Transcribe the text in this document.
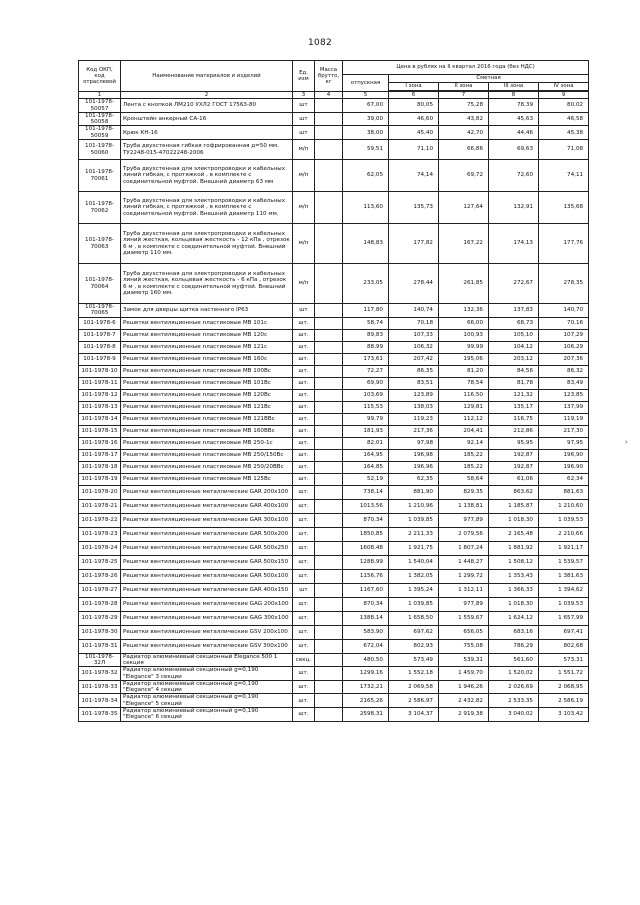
1082
Код ОКП, код отраслевой	Наименование материалов и изделий	Ед. изм	Масса брутто, кг	Цена в рублях на II квартал 2016 года (без НДС)				
				отпускная	Сметная			
					I зона	II зона	III зона	IV зона

1	2	3	4	5	6	7	8	9
101-1978-50057	Лента с кнопкой ЛМ210 УХЛ2 ГОСТ 17563-80	шт		67,00	80,05	75,28	78,39	80,02
101-1978-50058	Кронштейн анкерный СА-16	шт		39,00	46,60	43,82	45,63	46,58
101-1978-50059	Крюк КН-16	шт		38,00	45,40	42,70	44,46	45,38
101-1978-50060	Труба двухстенная гибкая гофрированная д=50 мм. ТУ2248-015-47022248-2006	м/п		59,51	71,10	66,86	69,63	71,08
101-1978-70061	Труба двухстенная для электропроводки и кабельных линий гибкая, с протяжкой , в комплекте с соединительной муфтой. Внешний диаметр 63 мм	м/п		62,05	74,14	69,72	72,60	74,11
101-1978-70062	Труба двухстенная для электропроводки и кабельных линий гибкая, с протяжкой , в комплекте с соединительной муфтой. Внешний диаметр 110 мм.	м/п		113,60	135,73	127,64	132,91	135,68
101-1978-70063	Труба двухстенная для электропроводки и кабельных линий жесткая, кольцевая жесткость - 12 кПа , отрезок 6 м , в комплекте с соединительной муфтой. Внешний диаметр 110 мм.	м/п		148,83	177,82	167,22	174,13	177,76
101-1978-70064	Труба двухстенная для электропроводки и кабельных линий жесткая, кольцевая жесткость - 6 кПа , отрезок 6 м , в комплекте с соединительной муфтой. Внешний диаметр 160 мм.	м/п		233,05	278,44	261,85	272,67	278,35
101-1978-70065	Замок для дверцы щитка настенного IP63	шт		117,80	140,74	132,36	137,83	140,70
101-1978-6	Решетки вентиляционные пластиковые МВ 101с	шт.		58,74	70,18	66,00	68,73	70,16
101-1978-7	Решетки вентиляционные пластиковые МВ 120с	шт.		89,83	107,33	100,93	105,10	107,29
101-1978-8	Решетки вентиляционные пластиковые МВ 121с	шт.		88,99	106,32	99,99	104,12	106,29
101-1978-9	Решетки вентиляционные пластиковые МВ 160с	шт.		173,61	207,42	195,06	203,12	207,36
101-1978-10	Решетки вентиляционные пластиковые МВ 100Вс	шт.		72,27	86,35	81,20	84,56	86,32
101-1978-11	Решетки вентиляционные пластиковые МВ 101Вс	шт.		69,90	83,51	78,54	81,78	83,49
101-1978-12	Решетки вентиляционные пластиковые МВ 120Вс	шт.		103,69	123,89	116,50	121,32	123,85
101-1978-13	Решетки вентиляционные пластиковые МВ 121Вс	шт.		115,53	138,03	129,81	135,17	137,99
101-1978-14	Решетки вентиляционные пластиковые МВ 121ВВс	шт.		99,79	119,23	112,12	116,75	119,19
101-1978-15	Решетки вентиляционные пластиковые МВ 160ВВс	шт.		181,93	217,36	204,41	212,86	217,30
101-1978-16	Решетки вентиляционные пластиковые МВ 250-1с	шт.		82,01	97,98	92,14	95,95	97,95
101-1978-17	Решетки вентиляционные пластиковые МВ 250/150Вс	шт.		164,95	196,98	185,22	192,87	196,90
101-1978-18	Решетки вентиляционные пластиковые МВ 250/20ВВс	шт.		164,85	196,96	185,22	192,87	196,90
101-1978-19	Решетки вентиляционные пластиковые МВ 125Вс	шт.		52,19	62,35	58,64	61,06	62,34
101-1978-20	Решетки вентиляционные металлические GAR 200х100	шт.		738,14	881,90	829,35	863,62	881,63
101-1978-21	Решетки вентиляционные металлические GAR 400х100	шт.		1013,56	1 210,96	1 138,81	1 185,87	1 210,60
101-1978-22	Решетки вентиляционные металлические GAR 300х100	шт.		870,34	1 039,85	977,89	1 018,30	1 039,53
101-1978-23	Решетки вентиляционные металлические GAR 500х200	шт.		1850,85	2 211,33	2 079,56	2 165,48	2 210,66
101-1978-24	Решетки вентиляционные металлические GAR 500х250	шт.		1608,48	1 921,75	1 807,24	1 881,92	1 921,17
101-1978-25	Решетки вентиляционные металлические GAR 500х150	шт.		1288,99	1 540,04	1 448,27	1 508,12	1 539,57
101-1978-26	Решетки вентиляционные металлические GAR 500х100	шт.		1156,76	1 382,05	1 299,72	1 353,43	1 381,63
101-1978-27	Решетки вентиляционные металлические GAR 400х150	шт		1167,60	1 395,24	1 312,11	1 366,33	1 394,62
101-1978-28	Решетки вентиляционные металлические GAG 200х100	шт.		870,34	1 039,85	977,89	1 018,30	1 039,53
101-1978-29	Решетки вентиляционные металлические GAG 300х100	шт.		1388,14	1 658,50	1 559,67	1 624,12	1 657,99
101-1978-30	Решетки вентиляционные металлические GSV 200х100	шт.		583,90	697,62	656,05	683,16	697,41
101-1978-31	Решетки вентиляционные металлические GSV 300х100	шт.		672,04	802,93	755,08	786,29	802,68
101-1978-32Л	Радиатор алюминиевый секционный Elegance 500 1 секция	секц.		480,50	573,49	539,31	561,60	573,31
101-1978-32	Радиатор алюминиевый секционный g=0,190 "Elegance" 3 секции	шт.		1299,16	1 552,18	1 459,70	1 520,02	1 551,72
101-1978-33	Радиатор алюминиевый секционный g=0,190 "Elegance" 4 секции	шт.		1732,21	2 069,58	1 946,26	2 026,69	2 068,95
101-1978-34	Радиатор алюминиевый секционный g=0,190 "Elegance" 5 секций	шт.		2165,26	2 586,97	2 432,82	2 533,35	2 586,19
101-1978-35	Радиатор алюминиевый секционный g=0,190 "Elegance" 6 секций	шт.		2598,31	3 104,37	2 919,38	3 040,02	3 103,42
›
